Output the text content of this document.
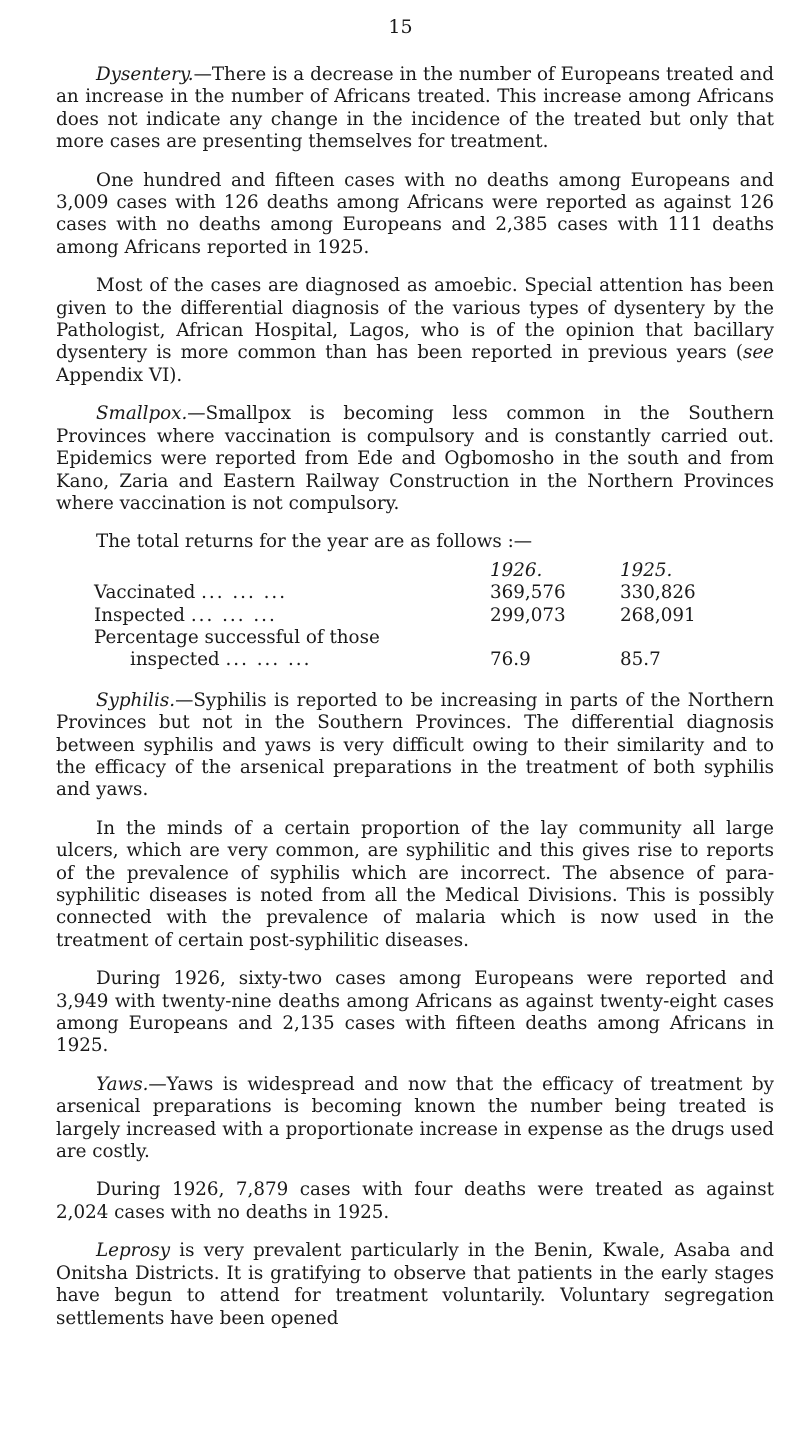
15

Dysentery.—There is a decrease in the number of Europeans treated and an increase in the number of Africans treated. This increase among Africans does not indicate any change in the incidence of the treated but only that more cases are presenting themselves for treatment.

One hundred and fifteen cases with no deaths among Europeans and 3,009 cases with 126 deaths among Africans were reported as against 126 cases with no deaths among Europeans and 2,385 cases with 111 deaths among Africans reported in 1925.

Most of the cases are diagnosed as amoebic. Special attention has been given to the differential diagnosis of the various types of dysentery by the Pathologist, African Hospital, Lagos, who is of the opinion that bacillary dysentery is more common than has been reported in previous years (see Appendix VI).

Smallpox.—Smallpox is becoming less common in the Southern Provinces where vaccination is compulsory and is constantly carried out. Epidemics were reported from Ede and Ogbomosho in the south and from Kano, Zaria and Eastern Railway Construction in the Northern Provinces where vaccination is not compulsory.

The total returns for the year are as follows :—
	1926.	1925.
Vaccinated ... ... ...	369,576	330,826
Inspected ... ... ...	299,073	268,091
Percentage successful of those		
inspected ... ... ...	76.9	85.7

Syphilis.—Syphilis is reported to be increasing in parts of the Northern Provinces but not in the Southern Provinces. The differential diagnosis between syphilis and yaws is very difficult owing to their similarity and to the efficacy of the arsenical preparations in the treatment of both syphilis and yaws.

In the minds of a certain proportion of the lay community all large ulcers, which are very common, are syphilitic and this gives rise to reports of the prevalence of syphilis which are incorrect. The absence of para-syphilitic diseases is noted from all the Medical Divisions. This is possibly connected with the prevalence of malaria which is now used in the treatment of certain post-syphilitic diseases.

During 1926, sixty-two cases among Europeans were reported and 3,949 with twenty-nine deaths among Africans as against twenty-eight cases among Europeans and 2,135 cases with fifteen deaths among Africans in 1925.

Yaws.—Yaws is widespread and now that the efficacy of treatment by arsenical preparations is becoming known the number being treated is largely increased with a proportionate increase in expense as the drugs used are costly.

During 1926, 7,879 cases with four deaths were treated as against 2,024 cases with no deaths in 1925.

Leprosy is very prevalent particularly in the Benin, Kwale, Asaba and Onitsha Districts. It is gratifying to observe that patients in the early stages have begun to attend for treatment voluntarily. Voluntary segregation settlements have been opened
